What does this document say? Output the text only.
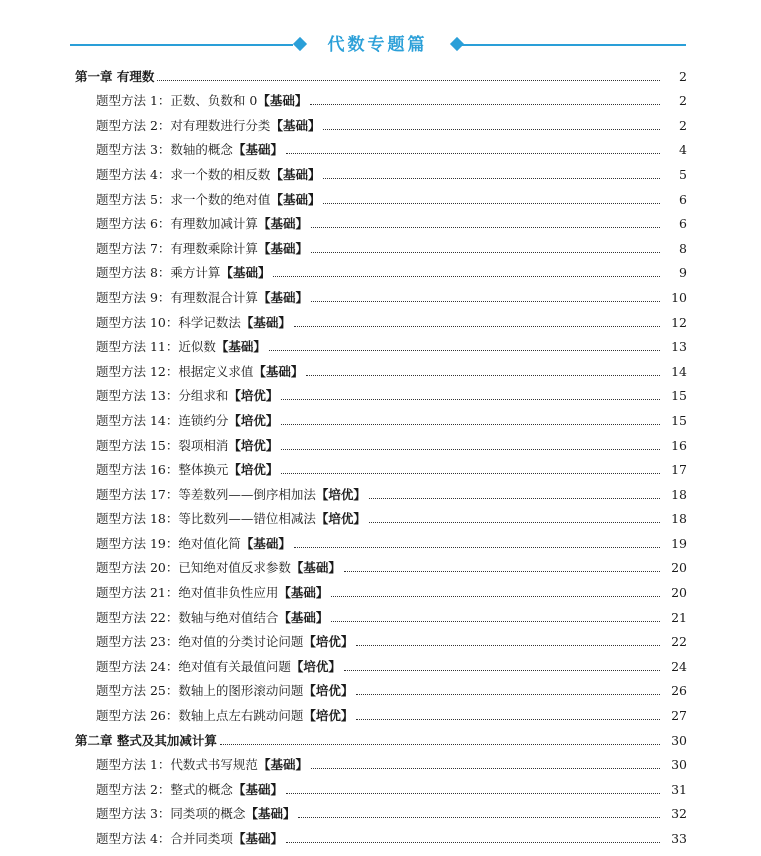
代数专题篇
第一章 有理数	2
题型方法 1：正数、负数和 0 【基础】	2
题型方法 2：对有理数进行分类 【基础】	2
题型方法 3：数轴的概念 【基础】	4
题型方法 4：求一个数的相反数 【基础】	5
题型方法 5：求一个数的绝对值 【基础】	6
题型方法 6：有理数加减计算 【基础】	6
题型方法 7：有理数乘除计算 【基础】	8
题型方法 8：乘方计算 【基础】	9
题型方法 9：有理数混合计算 【基础】	10
题型方法 10：科学记数法 【基础】	12
题型方法 11：近似数 【基础】	13
题型方法 12：根据定义求值 【基础】	14
题型方法 13：分组求和 【培优】	15
题型方法 14：连锁约分 【培优】	15
题型方法 15：裂项相消 【培优】	16
题型方法 16：整体换元 【培优】	17
题型方法 17：等差数列——倒序相加法 【培优】	18
题型方法 18：等比数列——错位相减法 【培优】	18
题型方法 19：绝对值化简 【基础】	19
题型方法 20：已知绝对值反求参数 【基础】	20
题型方法 21：绝对值非负性应用 【基础】	20
题型方法 22：数轴与绝对值结合 【基础】	21
题型方法 23：绝对值的分类讨论问题 【培优】	22
题型方法 24：绝对值有关最值问题 【培优】	24
题型方法 25：数轴上的图形滚动问题 【培优】	26
题型方法 26：数轴上点左右跳动问题 【培优】	27
第二章 整式及其加减计算	30
题型方法 1：代数式书写规范 【基础】	30
题型方法 2：整式的概念 【基础】	31
题型方法 3：同类项的概念 【基础】	32
题型方法 4：合并同类项 【基础】	33
